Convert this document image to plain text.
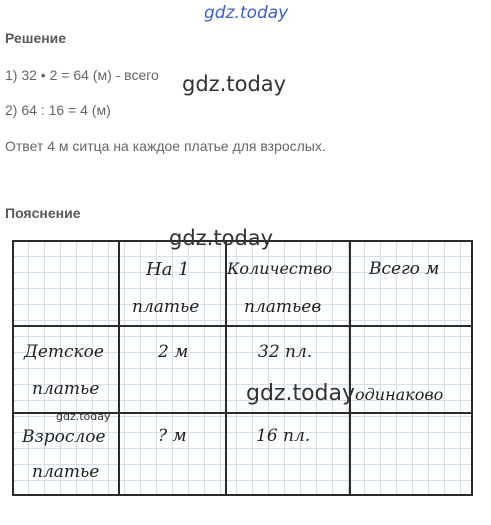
gdz.today
Решение
1) 32 • 2 = 64 (м) - всего
2) 64 : 16 = 4 (м)
Ответ 4 м ситца на каждое платье для взрослых.
Пояснение
На 1
платье
Количество
платьев
Всего м
Детское
платье
2 м	32 пл.
одинаково
Взрослое
платье
? м	16 пл.
gdz.today
gdz.today
gdz.today
gdz.today
